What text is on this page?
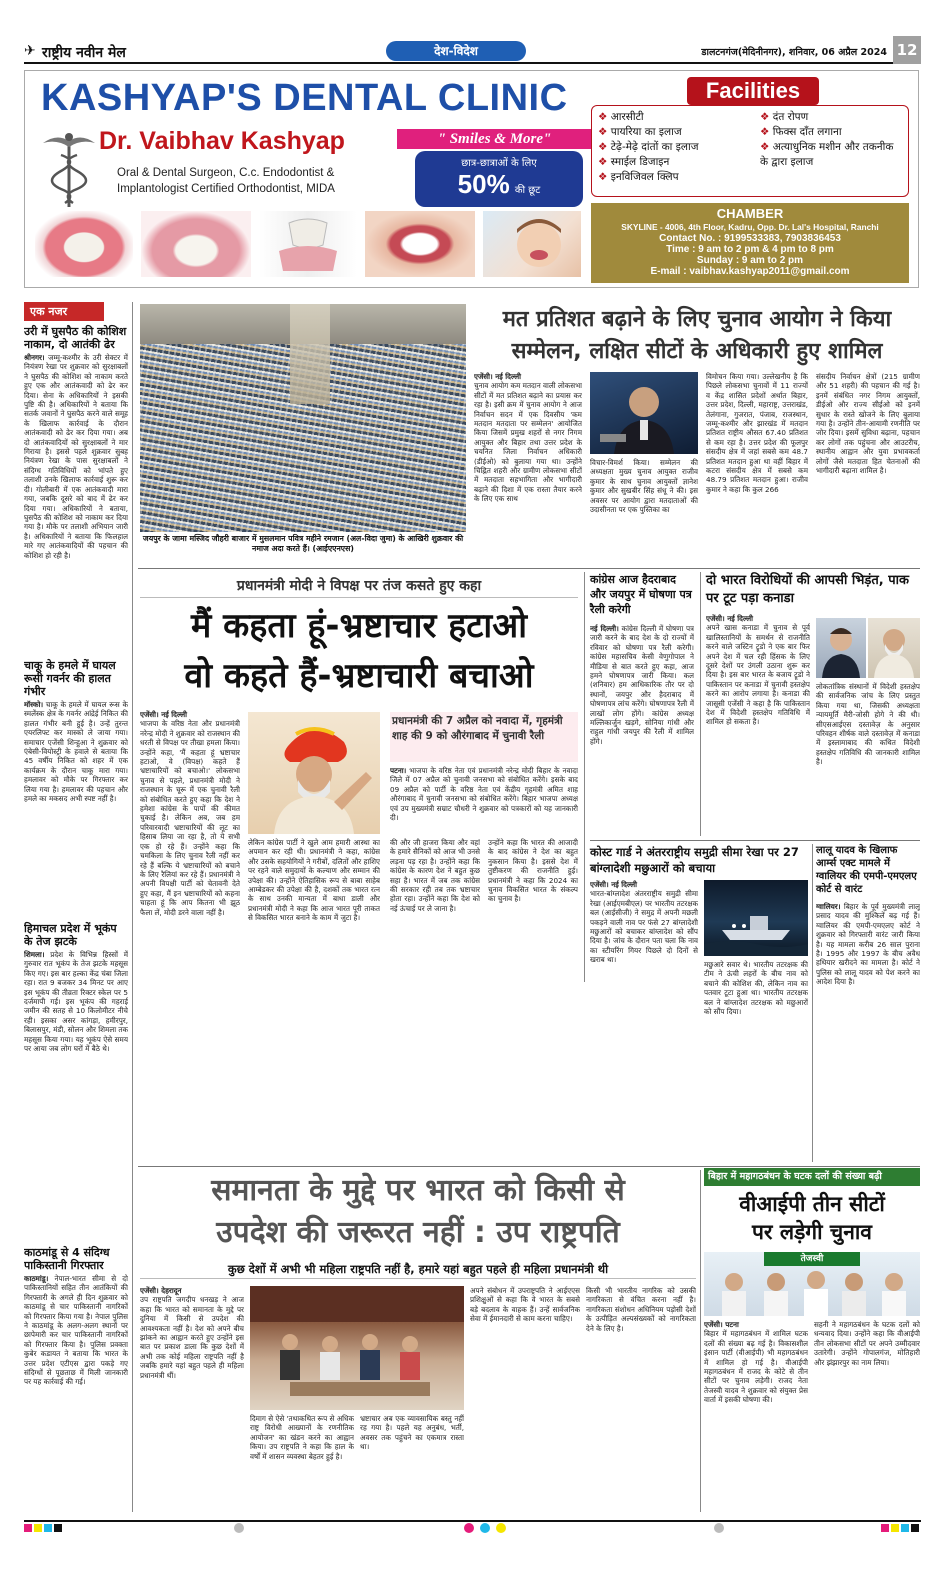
✈ राष्ट्रीय नवीन मेल	देश-विदेश	डालटनगंज(मेदिनीनगर), शनिवार, 06 अप्रैल 2024 12
KASHYAP'S DENTAL CLINIC
Dr. Vaibhav Kashyap	" Smiles & More"
Oral & Dental Surgeon, C.c. Endodontist &
Implantologist Certified Orthodontist, MIDA
छात्र-छात्राओं के लिए
50% की छूट
Facilities
❖ आरसीटी
❖ पायरिया का इलाज
❖ टेढ़े-मेढ़े दांतों का इलाज
❖ स्माईल डिजाइन
❖ इनविजिवल क्लिप
❖ दंत रोपण
❖ फिक्स दाँत लगाना
❖ अत्याधुनिक मशीन और तकनीक के द्वारा इलाज
CHAMBER
SKYLINE - 4006, 4th Floor, Kadru, Opp. Dr. Lal's Hospital, Ranchi
Contact No. : 9199533383, 7903836453
Time : 9 am to 2 pm & 4 pm to 8 pm
Sunday : 9 am to 2 pm
E-mail : vaibhav.kashyap2011@gmail.com
एक नजर
उरी में घुसपैठ की कोशिश नाकाम, दो आतंकी ढेर
श्रीनगर। जम्मू-कश्मीर के उरी सेक्टर में नियंत्रण रेखा पर शुक्रवार को सुरक्षाबलों ने घुसपैठ की कोशिश को नाकाम करते हुए एक और आतंकवादी को ढेर कर दिया। सेना के अधिकारियों ने इसकी पुष्टि की है। अधिकारियों ने बताया कि सतर्क जवानों ने घुसपैठ करने वाले समूह के खिलाफ कार्रवाई के दौरान आतंकवादी को ढेर कर दिया गया। अब दो आतंकवादियों को सुरक्षाबलों ने मार गिराया है। इससे पहले शुक्रवार सुबह नियंत्रण रेखा के पास सुरक्षाबलों ने संदिग्ध गतिविधियों को भांपते हुए तलाशी उनके खिलाफ कार्रवाई शुरू कर दी। गोलीबारी में एक आतंकवादी मारा गया, जबकि दूसरे को बाद में ढेर कर दिया गया। अधिकारियों ने बताया, घुसपैठ की कोशिश को नाकाम कर दिया गया है। मौके पर तलाशी अभियान जारी है। अधिकारियों ने बताया कि फिलहाल मारे गए आतंकवादियों की पहचान की कोशिश हो रही है।
चाकू के हमले में घायल रूसी गवर्नर की हालत गंभीर
मॉस्को। चाकू के हमले में घायल रूस के स्मलेंस्क क्षेत्र के गवर्नर आंद्रेई निकित की हालत गंभीर बनी हुई है। उन्हें तुरन्त एयरलिफ्ट कर मास्को ले जाया गया। समाचार एजेंसी शिन्हुआ ने शुक्रवार को एंबेसी-वियोस्ट्री के हवाले से बताया कि 45 वर्षीय निकित को शहर में एक कार्यक्रम के दौरान चाकू मारा गया। हमलावर को मौके पर गिरफ्तार कर लिया गया है। हमलावर की पहचान और हमले का मकसद अभी स्पष्ट नहीं है।
हिमाचल प्रदेश में भूकंप के तेज झटके
शिमला। प्रदेश के विभिन्न हिस्सों में गुरुवार रात भूकंप के तेज झटके महसूस किए गए। इस बार हल्का केंद्र चंबा जिला रहा। रात 9 बजकर 34 मिनट पर आए इस भूकंप की तीव्रता रिक्टर स्केल पर 5 दर्जमापी गई। इस भूकंप की गहराई जमीन की सतह से 10 किलोमीटर नीचे रही। इसका असर कांगड़ा, हमीरपुर, बिलासपुर, मंडी, सोलन और शिमला तक महसूस किया गया। यह भूकंप ऐसे समय पर आया जब लोग घरों में बैठे थे।
काठमांडू से 4 संदिग्ध पाकिस्तानी गिरफ्तार
काठमांडू। नेपाल-भारत सीमा से दो पाकिस्तानियों सहित तीन आतंकियों की गिरफ्तारी के अगले ही दिन शुक्रवार को काठमांडू से चार पाकिस्तानी नागरिकों को गिरफ्तार किया गया है। नेपाल पुलिस ने काठमांडू के अलग-अलग स्थानों पर छापेमारी कर चार पाकिस्तानी नागरिकों को गिरफ्तार किया है। पुलिस प्रवक्ता कुबेर कडायत ने बताया कि भारत के उत्तर प्रदेश एटीएस द्वारा पकड़े गए संदिग्धों से पूछताछ में मिली जानकारी पर यह कार्रवाई की गई।
जयपुर के जामा मस्जिद जौहरी बाजार में मुसलमान पवित्र महीने रमजान (अल-विदा जुमा) के आखिरी शुक्रवार की नमाज अदा करते हैं। (आईएएनएस)
मत प्रतिशत बढ़ाने के लिए चुनाव आयोग ने किया सम्मेलन, लक्षित सीटों के अधिकारी हुए शामिल
एजेंसी। नई दिल्ली
चुनाव आयोग कम मतदान वाली लोकसभा सीटों में मत प्रतिशत बढ़ाने का प्रयास कर रहा है। इसी क्रम में चुनाव आयोग ने आज निर्वाचन सदन में एक दिवसीय 'कम मतदान मतदाता पर सम्मेलन' आयोजित किया जिसमें प्रमुख शहरों से नगर निगम आयुक्त और बिहार तथा उत्तर प्रदेश के चयनित जिला निर्वाचन अधिकारी (डीईओ) को बुलाया गया था। उन्होंने चिह्नित शहरी और ग्रामीण लोकसभा सीटों में मतदाता सहभागिता और भागीदारी बढ़ाने की दिशा में एक रास्ता तैयार करने के लिए एक साथ
विचार-विमर्श किया। सम्मेलन की अध्यक्षता मुख्य चुनाव आयुक्त राजीव कुमार के साथ चुनाव आयुक्तों ज्ञानेश कुमार और सुखबीर सिंह संधू ने की। इस अवसर पर आयोग द्वारा मतदाताओं की उदासीनता पर एक पुस्तिका का
विमोचन किया गया। उल्लेखनीय है कि पिछले लोकसभा चुनावों में 11 राज्यों व केंद्र शासित प्रदेशों अर्थात बिहार, उत्तर प्रदेश, दिल्ली, महाराष्ट्र, उत्तराखंड, तेलंगाना, गुजरात, पंजाब, राजस्थान, जम्मू-कश्मीर और झारखंड में मतदान प्रतिशत राष्ट्रीय औसत 67.40 प्रतिशत से कम रहा है। उत्तर प्रदेश की फूलपुर संसदीय क्षेत्र में जहां सबसे कम 48.7 प्रतिशत मतदान हुआ था वहीं बिहार में कटरा संसदीय क्षेत्र में सबसे कम 48.79 प्रतिशत मतदान हुआ। राजीव कुमार ने कहा कि कुल 266
संसदीय निर्वाचन क्षेत्रों (215 ग्रामीण और 51 शहरी) की पहचान की गई है। इनमें संबंधित नगर निगम आयुक्तों, डीईओ और राज्य सीईओ को इनमें सुधार के रास्ते खोजने के लिए बुलाया गया है। उन्होंने तीन-आयामी रणनीति पर जोर दिया। इसमें सुविधा बढ़ाना, पहचान कर लोगों तक पहुंचना और आउटरीच, स्थानीय आह्वान और युवा प्रभावकर्ता लोगों जैसे मतदाता हित चेतनाओं की भागीदारी बढ़ाना शामिल है।
प्रधानमंत्री मोदी ने विपक्ष पर तंज कसते हुए कहा
मैं कहता हूं-भ्रष्टाचार हटाओ
वो कहते हैं-भ्रष्टाचारी बचाओ
एजेंसी। नई दिल्ली
भाजपा के वरिष्ठ नेता और प्रधानमंत्री नरेन्द्र मोदी ने शुक्रवार को राजस्थान की धरती से विपक्ष पर तीखा हमला किया। उन्होंने कहा, 'मैं कहता हूं भ्रष्टाचार हटाओ, वे (विपक्ष) कहते हैं भ्रष्टाचारियों को बचाओ।' लोकसभा चुनाव से पहले, प्रधानमंत्री मोदी ने राजस्थान के चूरू में एक चुनावी रैली को संबोधित करते हुए कहा कि देश ने हमेशा कांग्रेस के पापों की कीमत चुकाई है। लेकिन अब, जब हम परिवारवादी भ्रष्टाचारियों की लूट का हिसाब लिया जा रहा है, तो ये सभी एक हो रहे हैं। उन्होंने कहा कि चमकिला के लिए चुनाव रैली नहीं कर रहे हैं बल्कि ये भ्रष्टाचारियों को बचाने के लिए रैलियां कर रहे हैं। प्रधानमंत्री ने अपनी विपक्षी पार्टी को चेतावनी देते हुए कहा, मैं इन भ्रष्टाचारियों को कहना चाहता हूं कि आप कितना भी झूठ फैला लें, मोदी डरने वाला नहीं है।
लेकिन कांग्रेस पार्टी ने खुले आम हमारी आस्था का अपमान कर रही थी। प्रधानमंत्री ने कहा, कांग्रेस और उसके सहयोगियों ने गरीबों, दलितों और हाशिए पर रहने वाले समुदायों के कल्याण और सम्मान की उपेक्षा की। उन्होंने ऐतिहासिक रूप से बाबा साहेब आम्बेडकर की उपेक्षा की है, दशकों तक भारत रत्न के साथ उनकी मान्यता में बाधा डाली और प्रधानमंत्री मोदी ने कहा कि आज भारत पूरी ताकत से विकसित भारत बनाने के काम में जुटा है।
प्रधानमंत्री की 7 अप्रैल को नवादा में, गृहमंत्री शाह की 9 को औरंगाबाद में चुनावी रैली
पटना। भाजपा के वरिष्ठ नेता एवं प्रधानमंत्री नरेन्द्र मोदी बिहार के नवादा जिले में 07 अप्रैल को चुनावी जनसभा को संबोधित करेंगे। इसके बाद 09 अप्रैल को पार्टी के वरिष्ठ नेता एवं केंद्रीय गृहमंत्री अमित शाह औरंगाबाद में चुनावी जनसभा को संबोधित करेंगे। बिहार भाजपा अध्यक्ष एवं उप मुख्यमंत्री सम्राट चौधरी ने शुक्रवार को पत्रकारों को यह जानकारी दी।
की और जी हाजरा किया और वहां के हमारे सैनिकों को आज भी उनसे लड़ना पड़ रहा है। उन्होंने कहा कि कांग्रेस के कारण देश ने बहुत कुछ सहा है। भारत में जब तक कांग्रेस की सरकार रही तब तक भ्रष्टाचार होता रहा। उन्होंने कहा कि देश को नई ऊंचाई पर ले जाना है।
उन्होंने कहा कि भारत की आजादी के बाद कांग्रेस ने देश का बहुत नुकसान किया है। इससे देश में तुष्टीकरण की राजनीति हुई। प्रधानमंत्री ने कहा कि 2024 का चुनाव विकसित भारत के संकल्प का चुनाव है।
कांग्रेस आज हैदराबाद और जयपुर में घोषणा पत्र रैली करेगी
नई दिल्ली। कांग्रेस दिल्ली में घोषणा पत्र जारी करने के बाद देश के दो राज्यों में रविवार को घोषणा पत्र रैली करेगी। कांग्रेस महासचिव केसी वेणुगोपाल ने मीडिया से बात करते हुए कहा, आज हमने घोषणापत्र जारी किया। कल (शनिवार) हम आधिकारिक तौर पर दो स्थानों, जयपुर और हैदराबाद में घोषणापत्र लांच करेंगे। घोषणापत्र रैली में लाखों लोग होंगे। कांग्रेस अध्यक्ष मल्लिकार्जुन खड़गे, सोनिया गांधी और राहुल गांधी जयपुर की रैली में शामिल होंगे।
दो भारत विरोधियों की आपसी भिड़ंत, पाक पर टूट पड़ा कनाडा
एजेंसी। नई दिल्ली
अपने खास कनाडा में चुनाव से पूर्व खालिस्तानियों के समर्थन से राजनीति करने वाले जस्टिन ट्रूडो ने एक बार फिर अपने देश में चल रही हिंसक के लिए दूसरे देशों पर उंगली उठाना शुरू कर दिया है। इस बार भारत के बजाय ट्रूडो ने पाकिस्तान पर कनाडा में चुनावी हस्तक्षेप करने का आरोप लगाया है। कनाडा की जासूसी एजेंसी ने कहा है कि पाकिस्तान देश में विदेशी हस्तक्षेप गतिविधि में शामिल हो सकता है।
लोकतांत्रिक संस्थानों में विदेशी हस्तक्षेप की सार्वजनिक जांच के लिए प्रस्तुत किया गया था, जिसकी अध्यक्षता न्यायमूर्ति मैरी-जोसी होगे ने की थी। सीएसआईएस दस्तावेज़ के अनुसार परिवहन शीर्षक वाले दस्तावेज़ में कनाडा में इस्लामाबाद की कथित विदेशी हस्तक्षेप गतिविधि की जानकारी शामिल है।
कोस्ट गार्ड ने अंतरराष्ट्रीय समुद्री सीमा रेखा पर 27 बांग्लादेशी मछुआरों को बचाया
एजेंसी। नई दिल्ली
भारत-बांग्लादेश अंतरराष्ट्रीय समुद्री सीमा रेखा (आईएमबीएल) पर भारतीय तटरक्षक बल (आईसीजी) ने समुद्र में अपनी मछली पकड़ने वाली नाव पर फंसे 27 बांग्लादेशी मछुआरों को बचाकर बांग्लादेश को सौंप दिया है। जांच के दौरान पता चला कि नाव का स्टीयरिंग गियर पिछले दो दिनों से खराब था।
मछुआरे सवार थे। भारतीय तटरक्षक की टीम ने ऊंची लहरों के बीच नाव को बचाने की कोशिश की, लेकिन नाव का पतवार टूटा हुआ था। भारतीय तटरक्षक बल ने बांग्लादेश तटरक्षक को मछुआरों को सौंप दिया।
लालू यादव के खिलाफ आर्म्स एक्ट मामले में ग्वालियर की एमपी-एमएलए कोर्ट से वारंट
ग्वालियर। बिहार के पूर्व मुख्यमंत्री लालू प्रसाद यादव की मुश्किलें बढ़ गई हैं। ग्वालियर की एमपी-एमएलए कोर्ट ने शुक्रवार को गिरफ्तारी वारंट जारी किया है। यह मामला करीब 26 साल पुराना है। 1995 और 1997 के बीच अवैध हथियार खरीदने का मामला है। कोर्ट ने पुलिस को लालू यादव को पेश करने का आदेश दिया है।
समानता के मुद्दे पर भारत को किसी से
उपदेश की जरूरत नहीं : उप राष्ट्रपति
कुछ देशों में अभी भी महिला राष्ट्रपति नहीं है, हमारे यहां बहुत पहले ही महिला प्रधानमंत्री थी
एजेंसी। देहरादून
उप राष्ट्रपति जगदीप धनखड़ ने आज कहा कि भारत को समानता के मुद्दे पर दुनिया में किसी से उपदेश की आवश्यकता नहीं है। देश को अपने बीच झांकने का आह्वान करते हुए उन्होंने इस बात पर प्रकाश डाला कि कुछ देशों में अभी तक कोई महिला राष्ट्रपति नहीं है जबकि हमारे यहां बहुत पहले ही महिला प्रधानमंत्री थीं।
दिमाग से ऐसे 'तथाकथित रूप से अधिक राष्ट्र विरोधी आख्यानों के रणनीतिक आयोजन' का खंडन करने का आह्वान किया। उप राष्ट्रपति ने कहा कि हाल के वर्षों में शासन व्यवस्था बेहतर हुई है।
भ्रष्टाचार अब एक व्यावसायिक बस्तु नहीं रह गया है। पहले यह अनुबंध, भर्ती, अवसर तक पहुंचने का एकमात्र रास्ता था।
अपने संबोधन में उपराष्ट्रपति ने आईएएस प्रशिक्षुओं से कहा कि वे भारत के सबसे बड़े बदलाव के वाहक हैं। उन्हें सार्वजनिक सेवा में ईमानदारी से काम करना चाहिए।
किसी भी भारतीय नागरिक को उसकी नागरिकता से वंचित करना नहीं है। नागरिकता संशोधन अधिनियम पड़ोसी देशों के उत्पीड़ित अल्पसंख्यकों को नागरिकता देने के लिए है।
बिहार में महागठबंधन के घटक दलों की संख्या बढ़ी
वीआईपी तीन सीटों
पर लड़ेगी चुनाव
तेजस्वी
एजेंसी। पटना
बिहार में महागठबंधन में शामिल घटक दलों की संख्या बढ़ गई है। विकासशील इंसान पार्टी (वीआईपी) भी महागठबंधन में शामिल हो गई है। वीआईपी महागठबंधन में राजद के कोटे से तीन सीटों पर चुनाव लड़ेगी। राजद नेता तेजस्वी यादव ने शुक्रवार को संयुक्त प्रेस वार्ता में इसकी घोषणा की।
सहनी ने महागठबंधन के घटक दलों को धन्यवाद दिया। उन्होंने कहा कि वीआईपी तीन लोकसभा सीटों पर अपने उम्मीदवार उतारेगी। उन्होंने गोपालगंज, मोतिहारी और झंझारपुर का नाम लिया।
